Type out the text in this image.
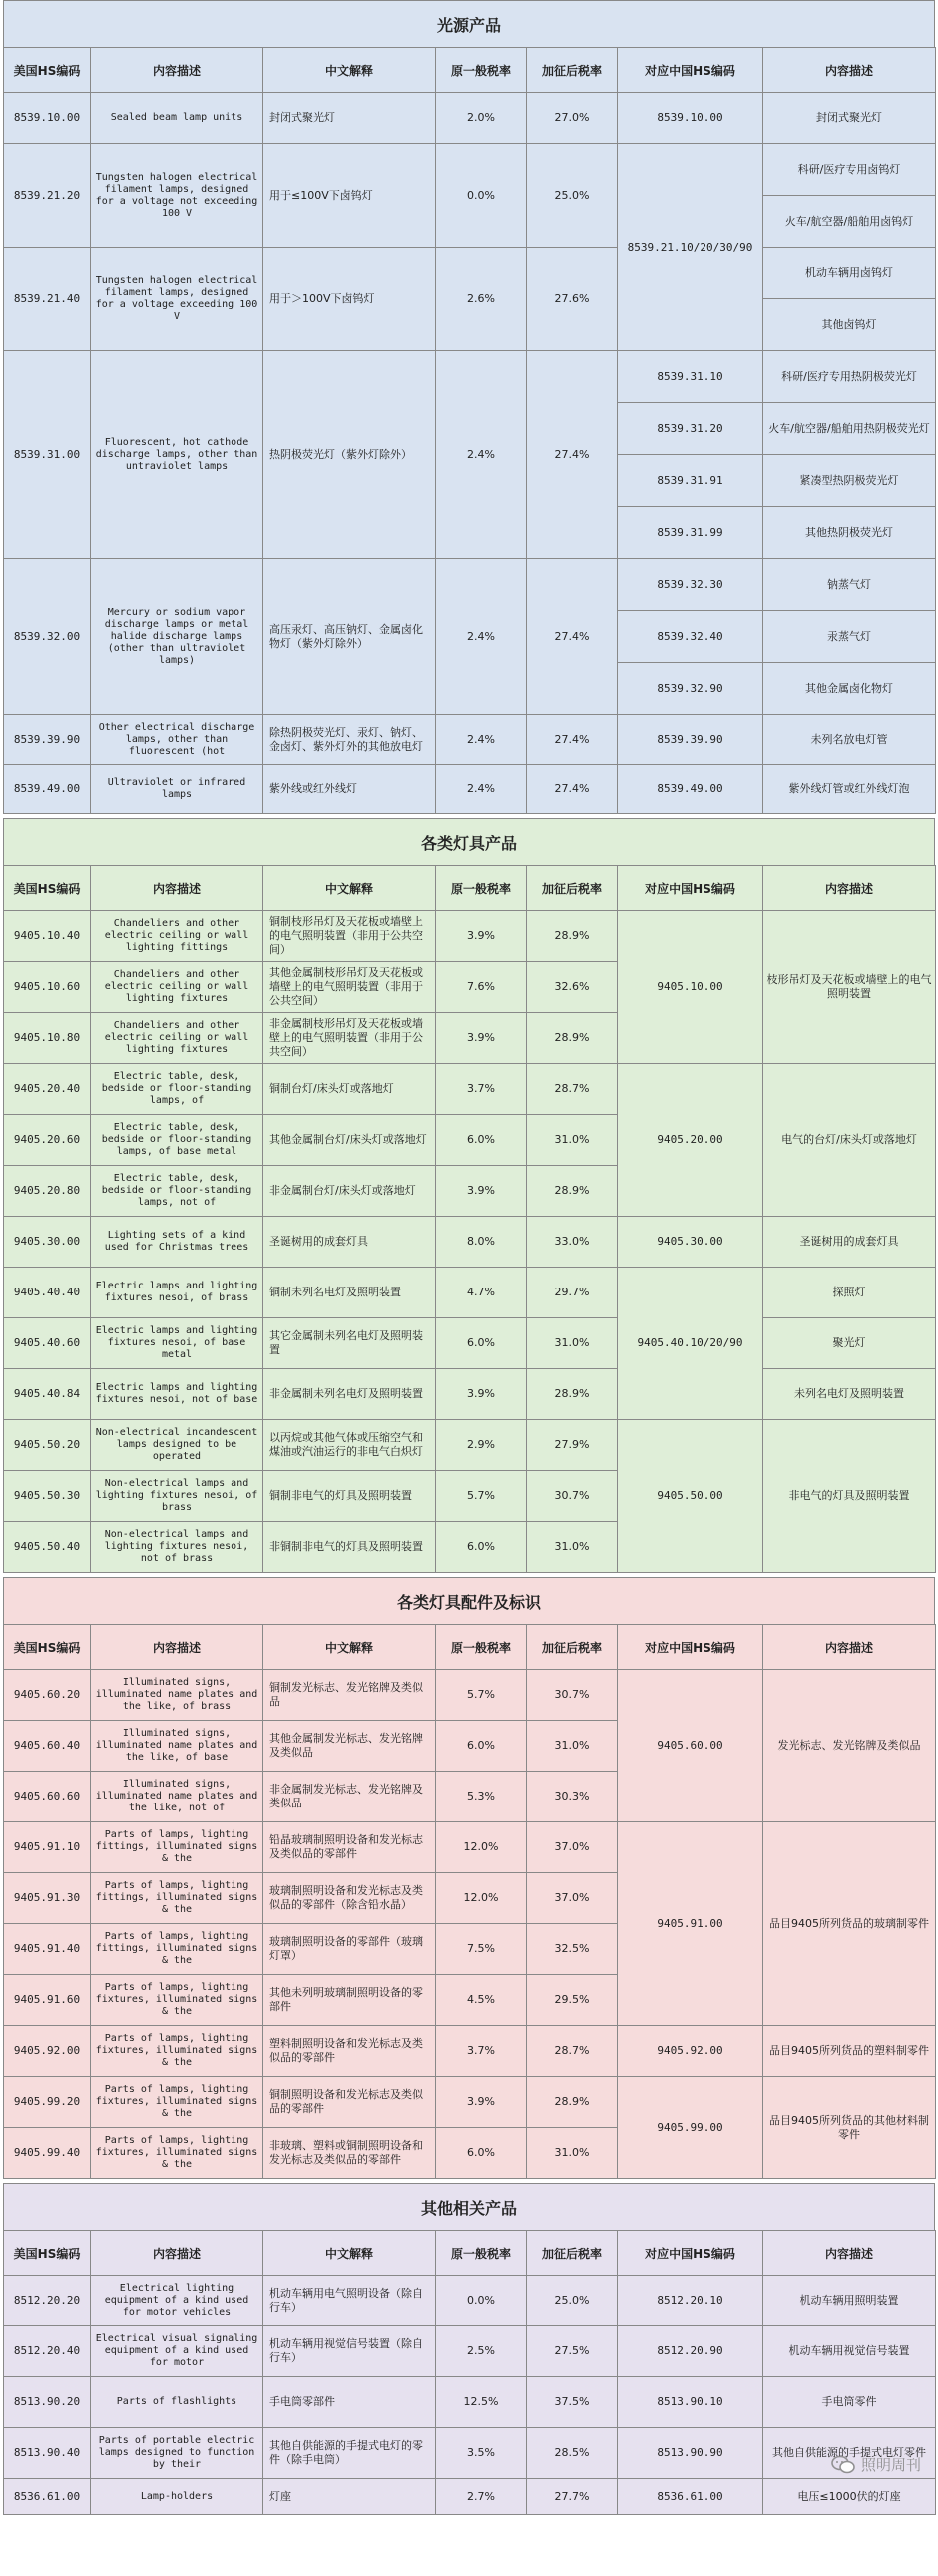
光源产品
美国HS编码	内容描述	中文解释	原一般税率	加征后税率	对应中国HS编码	内容描述
8539.10.00	Sealed beam lamp units	封闭式聚光灯	2.0%	27.0%	8539.10.00	封闭式聚光灯
8539.21.20	Tungsten halogen electrical filament lamps, designed for a voltage not exceeding 100 V	用于≤100V下卤钨灯	0.0%	25.0%	8539.21.10/20/30/90	科研/医疗专用卤钨灯
						火车/航空器/船舶用卤钨灯
8539.21.40	Tungsten halogen electrical filament lamps, designed for a voltage exceeding 100 V	用于＞100V下卤钨灯	2.6%	27.6%		机动车辆用卤钨灯
						其他卤钨灯
8539.31.00	Fluorescent, hot cathode discharge lamps, other than untraviolet lamps	热阴极荧光灯（紫外灯除外）	2.4%	27.4%	8539.31.10	科研/医疗专用热阴极荧光灯
					8539.31.20	火车/航空器/船舶用热阴极荧光灯
					8539.31.91	紧凑型热阴极荧光灯
					8539.31.99	其他热阴极荧光灯
8539.32.00	Mercury or sodium vapor discharge lamps or metal halide discharge lamps (other than ultraviolet lamps)	高压汞灯、高压钠灯、金属卤化物灯（紫外灯除外）	2.4%	27.4%	8539.32.30	钠蒸气灯
					8539.32.40	汞蒸气灯
					8539.32.90	其他金属卤化物灯
8539.39.90	Other electrical discharge lamps, other than fluorescent (hot	除热阴极荧光灯、汞灯、钠灯、金卤灯、紫外灯外的其他放电灯	2.4%	27.4%	8539.39.90	未列名放电灯管
8539.49.00	Ultraviolet or infrared lamps	紫外线或红外线灯	2.4%	27.4%	8539.49.00	紫外线灯管或红外线灯泡
各类灯具产品
美国HS编码	内容描述	中文解释	原一般税率	加征后税率	对应中国HS编码	内容描述
9405.10.40	Chandeliers and other electric ceiling or wall lighting fittings	铜制枝形吊灯及天花板或墙壁上的电气照明装置（非用于公共空间）	3.9%	28.9%	9405.10.00	枝形吊灯及天花板或墙壁上的电气照明装置
9405.10.60	Chandeliers and other electric ceiling or wall lighting fixtures	其他金属制枝形吊灯及天花板或墙壁上的电气照明装置（非用于公共空间）	7.6%	32.6%		
9405.10.80	Chandeliers and other electric ceiling or wall lighting fixtures	非金属制枝形吊灯及天花板或墙壁上的电气照明装置（非用于公共空间）	3.9%	28.9%		
9405.20.40	Electric table, desk, bedside or floor-standing lamps, of	铜制台灯/床头灯或落地灯	3.7%	28.7%	9405.20.00	电气的台灯/床头灯或落地灯
9405.20.60	Electric table, desk, bedside or floor-standing lamps, of base metal	其他金属制台灯/床头灯或落地灯	6.0%	31.0%		
9405.20.80	Electric table, desk, bedside or floor-standing lamps, not of	非金属制台灯/床头灯或落地灯	3.9%	28.9%		
9405.30.00	Lighting sets of a kind used for Christmas trees	圣诞树用的成套灯具	8.0%	33.0%	9405.30.00	圣诞树用的成套灯具
9405.40.40	Electric lamps and lighting fixtures nesoi, of brass	铜制未列名电灯及照明装置	4.7%	29.7%	9405.40.10/20/90	探照灯
9405.40.60	Electric lamps and lighting fixtures nesoi, of base metal	其它金属制未列名电灯及照明装置	6.0%	31.0%		聚光灯
9405.40.84	Electric lamps and lighting fixtures nesoi, not of base	非金属制未列名电灯及照明装置	3.9%	28.9%		未列名电灯及照明装置
9405.50.20	Non-electrical incandescent lamps designed to be operated	以丙烷或其他气体或压缩空气和煤油或汽油运行的非电气白炽灯	2.9%	27.9%	9405.50.00	非电气的灯具及照明装置
9405.50.30	Non-electrical lamps and lighting fixtures nesoi, of brass	铜制非电气的灯具及照明装置	5.7%	30.7%		
9405.50.40	Non-electrical lamps and lighting fixtures nesoi, not of brass	非铜制非电气的灯具及照明装置	6.0%	31.0%		
各类灯具配件及标识
美国HS编码	内容描述	中文解释	原一般税率	加征后税率	对应中国HS编码	内容描述
9405.60.20	Illuminated signs, illuminated name plates and the like, of brass	铜制发光标志、发光铭牌及类似品	5.7%	30.7%	9405.60.00	发光标志、发光铭牌及类似品
9405.60.40	Illuminated signs, illuminated name plates and the like, of base	其他金属制发光标志、发光铭牌及类似品	6.0%	31.0%		
9405.60.60	Illuminated signs, illuminated name plates and the like, not of	非金属制发光标志、发光铭牌及类似品	5.3%	30.3%		
9405.91.10	Parts of lamps, lighting fittings, illuminated signs & the	铅晶玻璃制照明设备和发光标志及类似品的零部件	12.0%	37.0%	9405.91.00	品目9405所列货品的玻璃制零件
9405.91.30	Parts of lamps, lighting fittings, illuminated signs & the	玻璃制照明设备和发光标志及类似品的零部件（除含铅水晶）	12.0%	37.0%		
9405.91.40	Parts of lamps, lighting fittings, illuminated signs & the	玻璃制照明设备的零部件（玻璃灯罩）	7.5%	32.5%		
9405.91.60	Parts of lamps, lighting fixtures, illuminated signs & the	其他未列明玻璃制照明设备的零部件	4.5%	29.5%		
9405.92.00	Parts of lamps, lighting fixtures, illuminated signs & the	塑料制照明设备和发光标志及类似品的零部件	3.7%	28.7%	9405.92.00	品目9405所列货品的塑料制零件
9405.99.20	Parts of lamps, lighting fixtures, illuminated signs & the	铜制照明设备和发光标志及类似品的零部件	3.9%	28.9%	9405.99.00	品目9405所列货品的其他材料制零件
9405.99.40	Parts of lamps, lighting fixtures, illuminated signs & the	非玻璃、塑料或铜制照明设备和发光标志及类似品的零部件	6.0%	31.0%		
其他相关产品
美国HS编码	内容描述	中文解释	原一般税率	加征后税率	对应中国HS编码	内容描述
8512.20.20	Electrical lighting equipment of a kind used for motor vehicles	机动车辆用电气照明设备（除自行车）	0.0%	25.0%	8512.20.10	机动车辆用照明装置
8512.20.40	Electrical visual signaling equipment of a kind used for motor	机动车辆用视觉信号装置（除自行车）	2.5%	27.5%	8512.20.90	机动车辆用视觉信号装置
8513.90.20	Parts of flashlights	手电筒零部件	12.5%	37.5%	8513.90.10	手电筒零件
8513.90.40	Parts of portable electric lamps designed to function by their	其他自供能源的手提式电灯的零件（除手电筒）	3.5%	28.5%	8513.90.90	其他自供能源的手提式电灯零件
8536.61.00	Lamp-holders	灯座	2.7%	27.7%	8536.61.00	电压≤1000伏的灯座
照明周刊
